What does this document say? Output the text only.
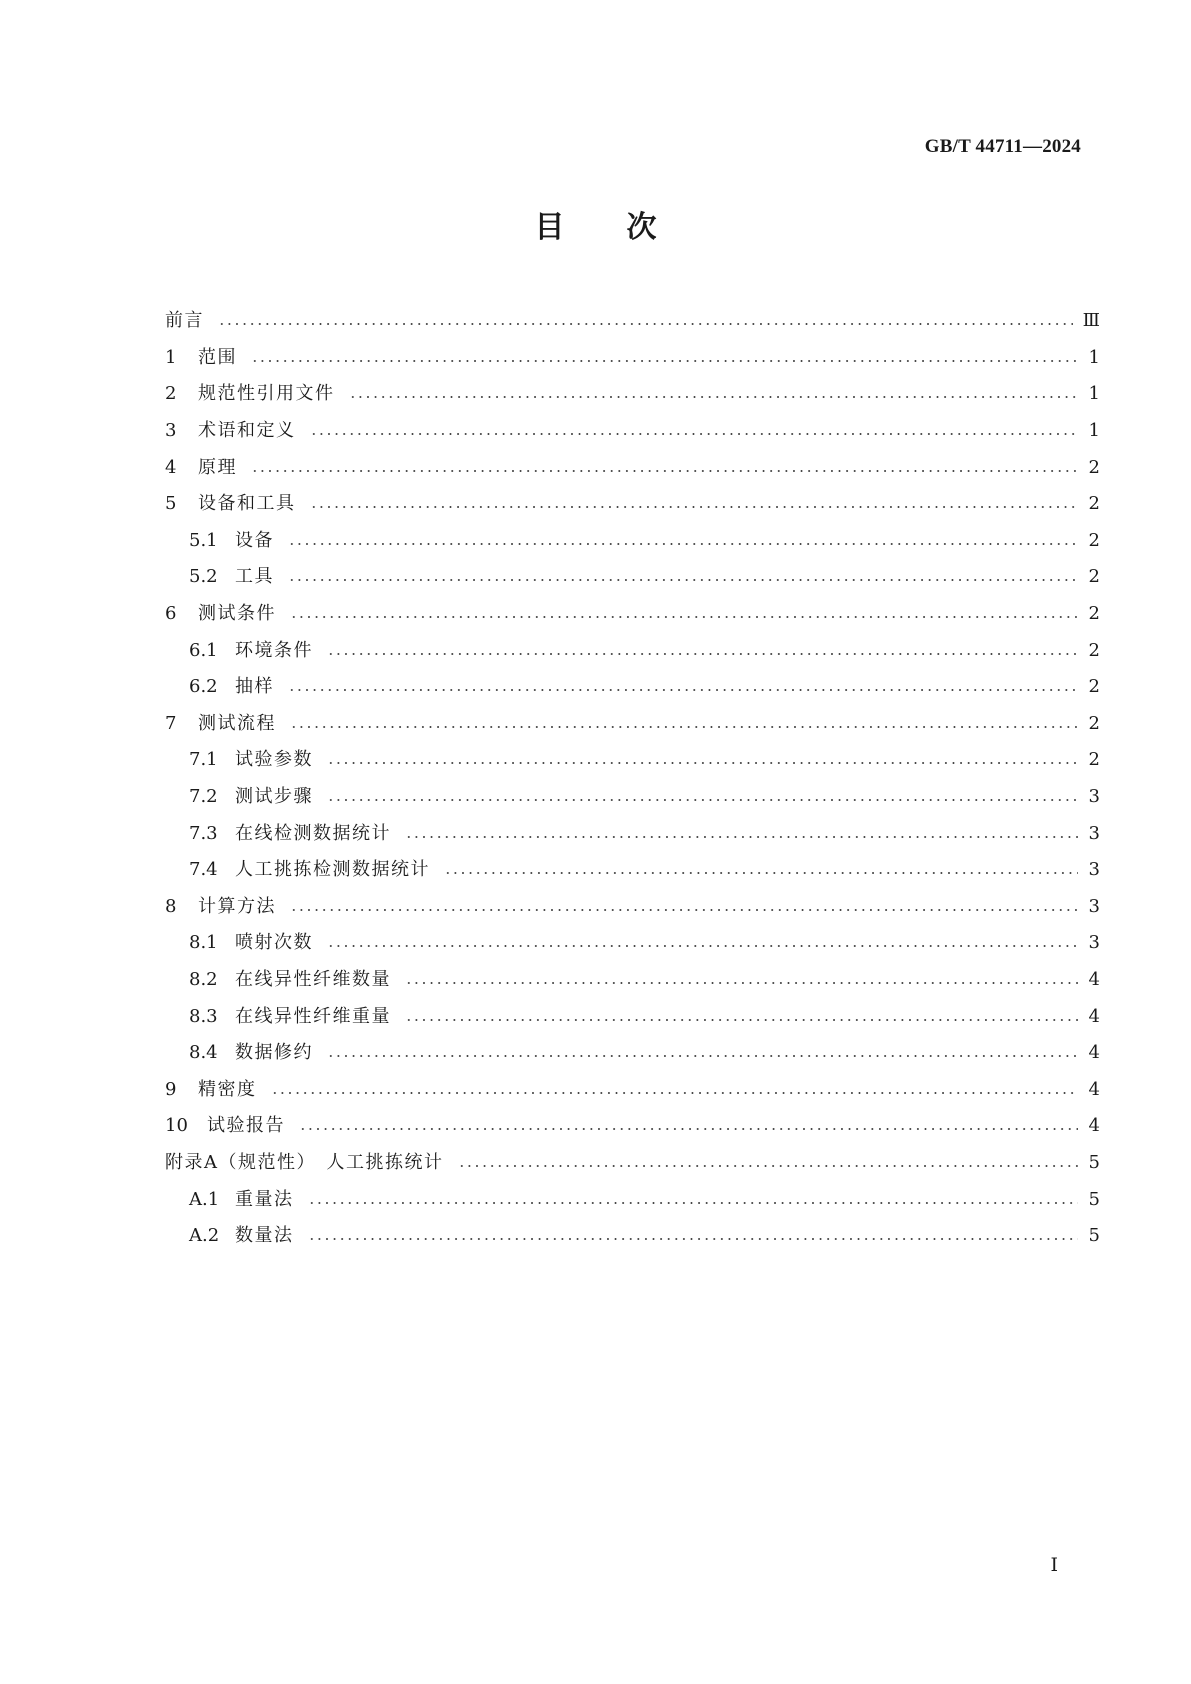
GB/T 44711—2024
目 次
前言	Ⅲ
1	范围	1
2	规范性引用文件	1
3	术语和定义	1
4	原理	2
5	设备和工具	2
5.1 设备	2
5.2 工具	2
6	测试条件	2
6.1 环境条件	2
6.2 抽样	2
7	测试流程	2
7.1 试验参数	2
7.2 测试步骤	3
7.3 在线检测数据统计	3
7.4 人工挑拣检测数据统计	3
8	计算方法	3
8.1 喷射次数	3
8.2 在线异性纤维数量	4
8.3 在线异性纤维重量	4
8.4 数据修约	4
9	精密度	4
10	试验报告	4
附录A（规范性）　人工挑拣统计	5
A.1 重量法	5
A.2 数量法	5
I
